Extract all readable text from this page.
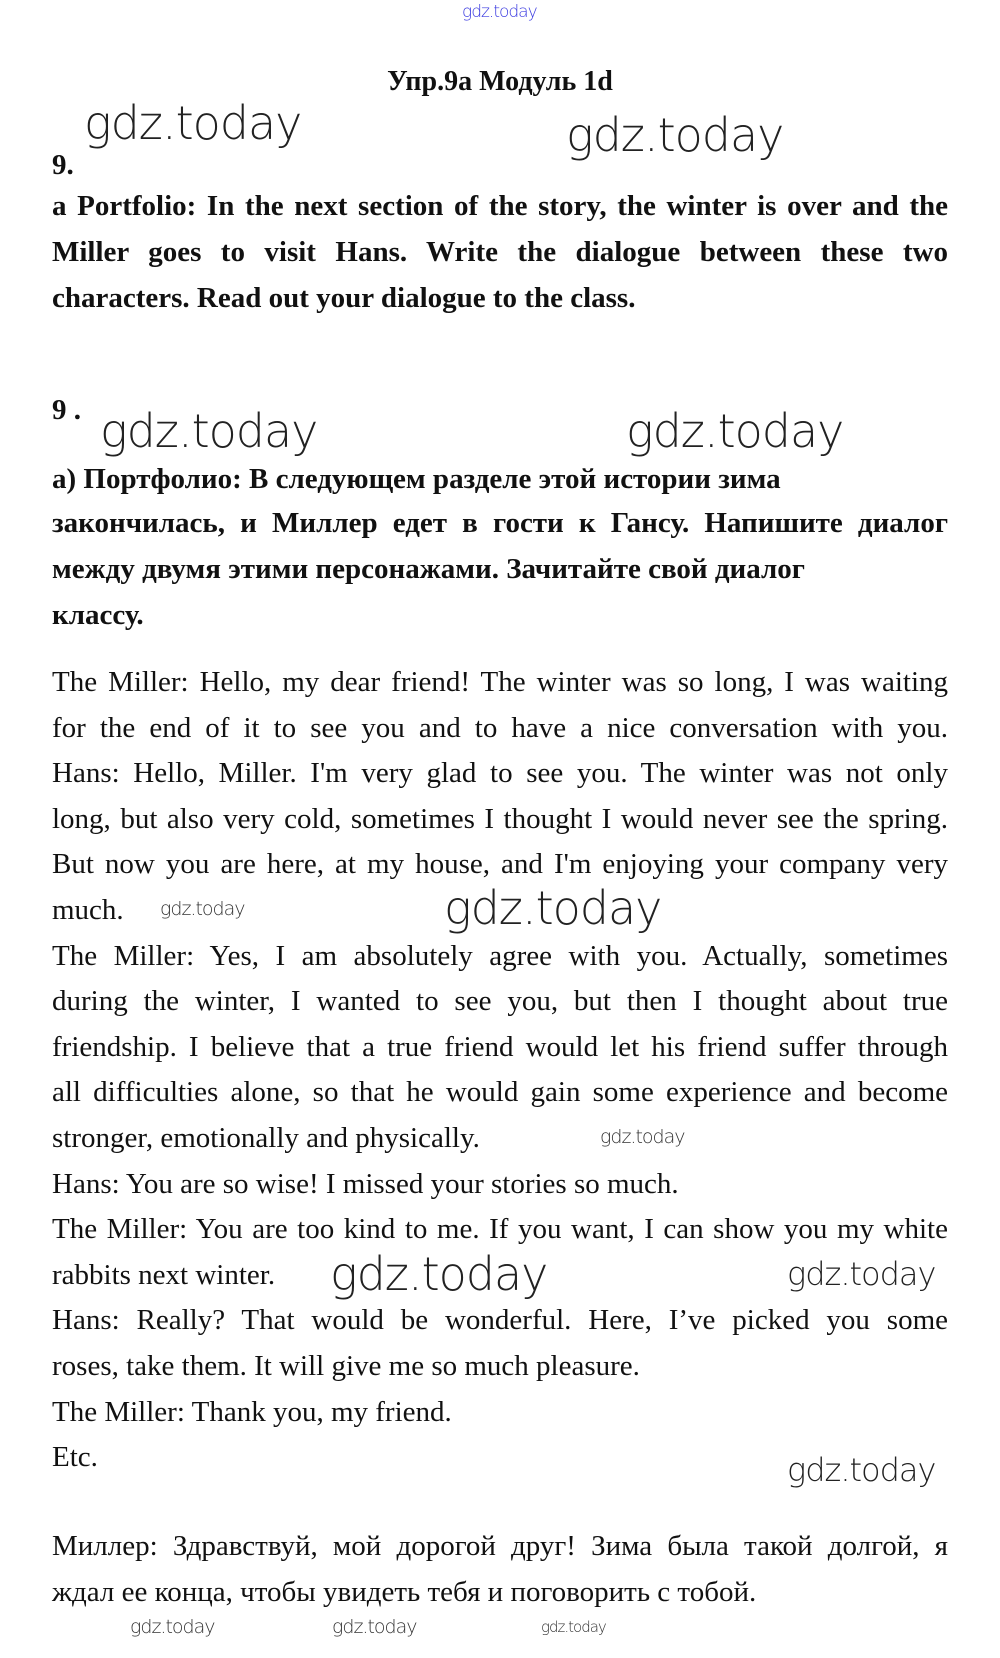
gdz.today
Упр.9а Модуль 1d
9.
gdz.today	gdz.today
a Portfolio: In the next section of the story, the winter is over and the
Miller goes to visit Hans. Write the dialogue between these two
characters. Read out your dialogue to the class.
9 . gdz.today	gdz.today
а) Портфолио: В следующем разделе этой истории зима
закончилась, и Миллер едет в гости к Гансу. Напишите диалог
между двумя этими персонажами. Зачитайте свой диалог
классу.
The Miller: Hello, my dear friend! The winter was so long, I was waiting
for the end of it to see you and to have a nice conversation with you.
Hans: Hello, Miller. I'm very glad to see you. The winter was not only
long, but also very cold, sometimes I thought I would never see the spring.
But now you are here, at my house, and I'm enjoying your company very
much.
The Miller: Yes, I am absolutely agree with you. Actually, sometimes
during the winter, I wanted to see you, but then I thought about true
friendship. I believe that a true friend would let his friend suffer through
all difficulties alone, so that he would gain some experience and become
stronger, emotionally and physically.
Hans: You are so wise! I missed your stories so much.
The Miller: You are too kind to me. If you want, I can show you my white
rabbits next winter.
Hans: Really? That would be wonderful. Here, I’ve picked you some
roses, take them. It will give me so much pleasure.
The Miller: Thank you, my friend.
Etc.
Миллер: Здравствуй, мой дорогой друг! Зима была такой долгой, я
ждал ее конца, чтобы увидеть тебя и поговорить с тобой.
gdz.today	gdz.today
gdz.today
gdz.today	gdz.today
gdz.today
gdz.today	gdz.today	gdz.today
